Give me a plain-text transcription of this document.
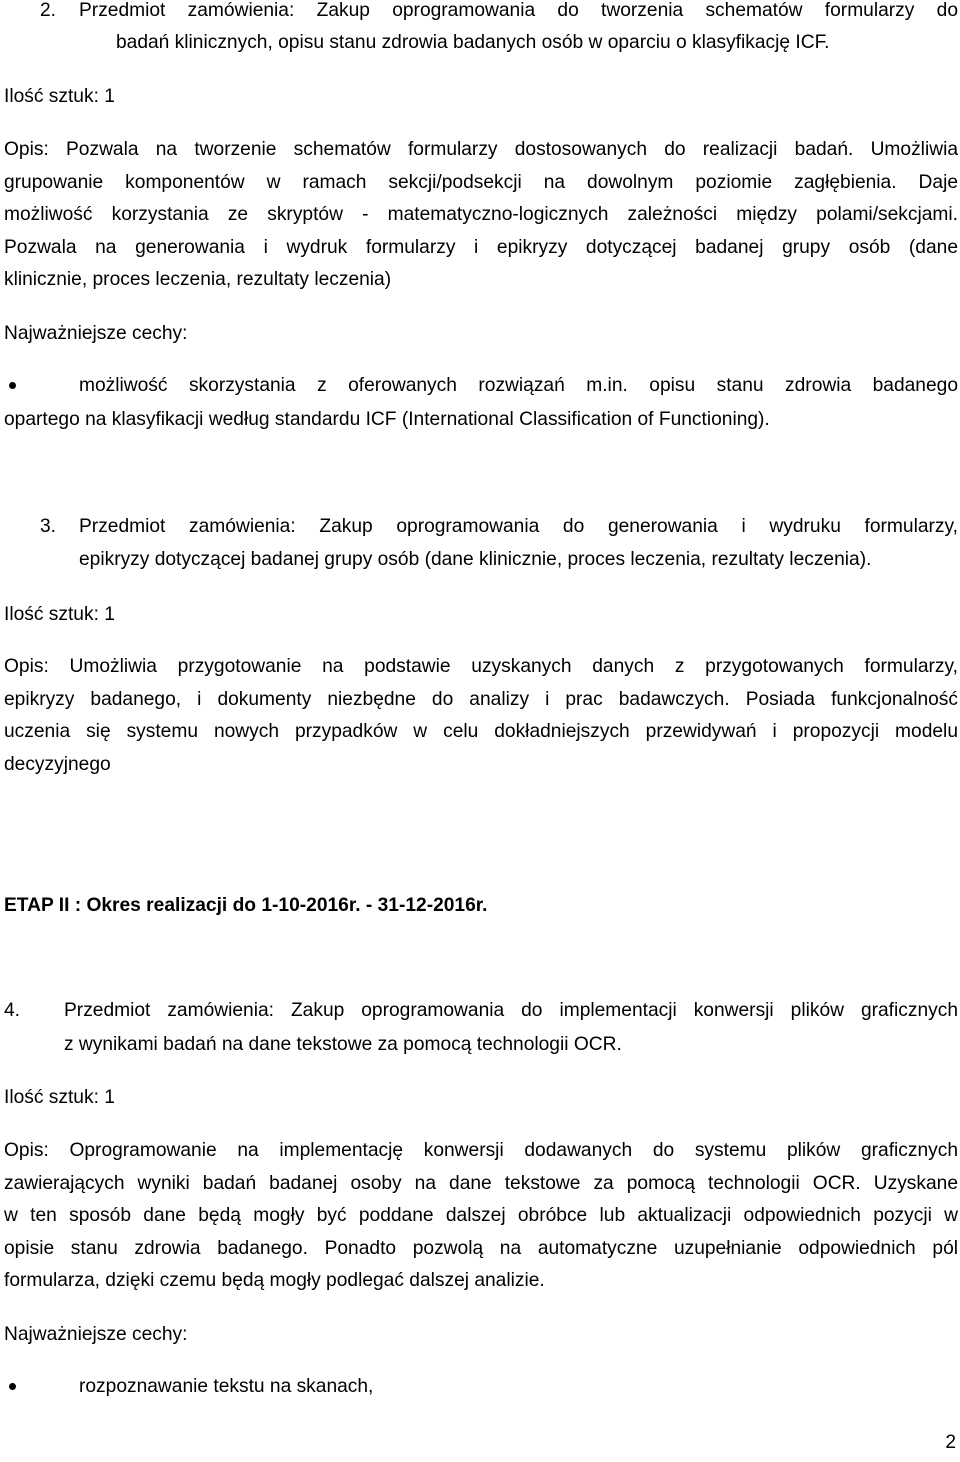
2. Przedmiot zamówienia: Zakup oprogramowania do tworzenia schematów formularzy do
badań klinicznych, opisu stanu zdrowia badanych osób w oparciu o klasyfikację ICF.
Ilość sztuk: 1
Opis: Pozwala na tworzenie schematów formularzy dostosowanych do realizacji badań. Umożliwia
grupowanie komponentów w ramach sekcji/podsekcji na dowolnym poziomie zagłębienia. Daje
możliwość korzystania ze skryptów - matematyczno-logicznych zależności między polami/sekcjami.
Pozwala na generowania i wydruk formularzy i epikryzy dotyczącej badanej grupy osób (dane
klinicznie, proces leczenia, rezultaty leczenia)
Najważniejsze cechy:
możliwość skorzystania z oferowanych rozwiązań m.in. opisu stanu zdrowia badanego
opartego na klasyfikacji według standardu ICF (International Classification of Functioning).
3. Przedmiot zamówienia: Zakup oprogramowania do generowania i wydruku formularzy,
epikryzy dotyczącej badanej grupy osób (dane klinicznie, proces leczenia, rezultaty leczenia).
Ilość sztuk: 1
Opis: Umożliwia przygotowanie na podstawie uzyskanych danych z przygotowanych formularzy,
epikryzy badanego, i dokumenty niezbędne do analizy i prac badawczych. Posiada funkcjonalność
uczenia się systemu nowych przypadków w celu dokładniejszych przewidywań i propozycji modelu
decyzyjnego
ETAP II : Okres realizacji do 1-10-2016r. - 31-12-2016r.
4. Przedmiot zamówienia: Zakup oprogramowania do implementacji konwersji plików graficznych
z wynikami badań na dane tekstowe za pomocą technologii OCR.
Ilość sztuk: 1
Opis: Oprogramowanie na implementację konwersji dodawanych do systemu plików graficznych
zawierających wyniki badań badanej osoby na dane tekstowe za pomocą technologii OCR. Uzyskane
w ten sposób dane będą mogły być poddane dalszej obróbce lub aktualizacji odpowiednich pozycji w
opisie stanu zdrowia badanego. Ponadto pozwolą na automatyczne uzupełnianie odpowiednich pól
formularza, dzięki czemu będą mogły podlegać dalszej analizie.
Najważniejsze cechy:
rozpoznawanie tekstu na skanach,
2
